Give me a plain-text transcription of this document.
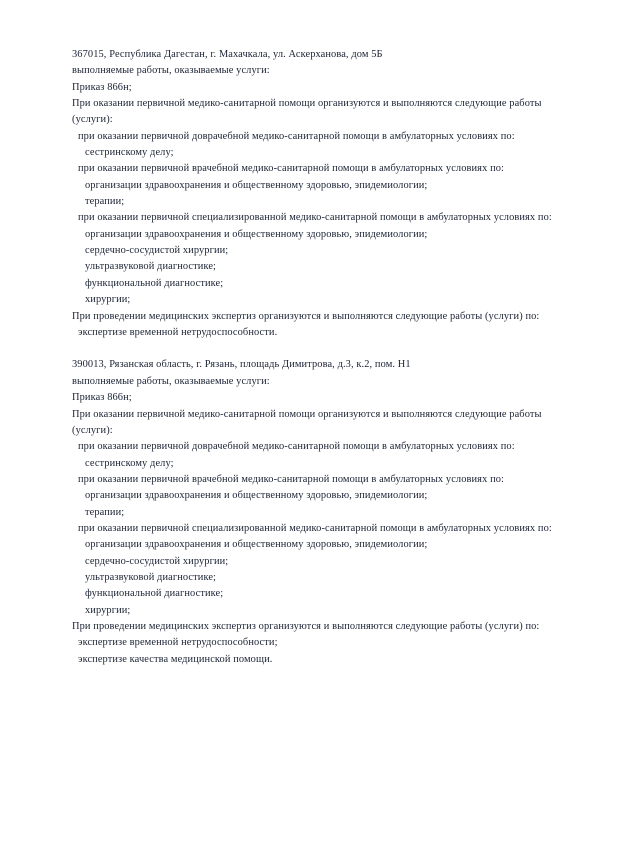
367015, Республика Дагестан, г. Махачкала, ул. Аскерханова, дом 5Б

выполняемые работы, оказываемые услуги:

Приказ 866н;

При оказании первичной медико-санитарной помощи организуются и выполняются следующие работы (услуги):

при оказании первичной доврачебной медико-санитарной помощи в амбулаторных условиях по:

сестринскому делу;

при оказании первичной врачебной медико-санитарной помощи в амбулаторных условиях по:

организации здравоохранения и общественному здоровью, эпидемиологии;

терапии;

при оказании первичной специализированной медико-санитарной помощи в амбулаторных условиях по:

организации здравоохранения и общественному здоровью, эпидемиологии;

сердечно-сосудистой хирургии;

ультразвуковой диагностике;

функциональной диагностике;

хирургии;

При проведении медицинских экспертиз организуются и выполняются следующие работы (услуги) по:

экспертизе временной нетрудоспособности.

390013, Рязанская область, г. Рязань, площадь Димитрова, д.3, к.2, пом. Н1

выполняемые работы, оказываемые услуги:

Приказ 866н;

При оказании первичной медико-санитарной помощи организуются и выполняются следующие работы (услуги):

при оказании первичной доврачебной медико-санитарной помощи в амбулаторных условиях по:

сестринскому делу;

при оказании первичной врачебной медико-санитарной помощи в амбулаторных условиях по:

организации здравоохранения и общественному здоровью, эпидемиологии;

терапии;

при оказании первичной специализированной медико-санитарной помощи в амбулаторных условиях по:

организации здравоохранения и общественному здоровью, эпидемиологии;

сердечно-сосудистой хирургии;

ультразвуковой диагностике;

функциональной диагностике;

хирургии;

При проведении медицинских экспертиз организуются и выполняются следующие работы (услуги) по:

экспертизе временной нетрудоспособности;

экспертизе качества медицинской помощи.
